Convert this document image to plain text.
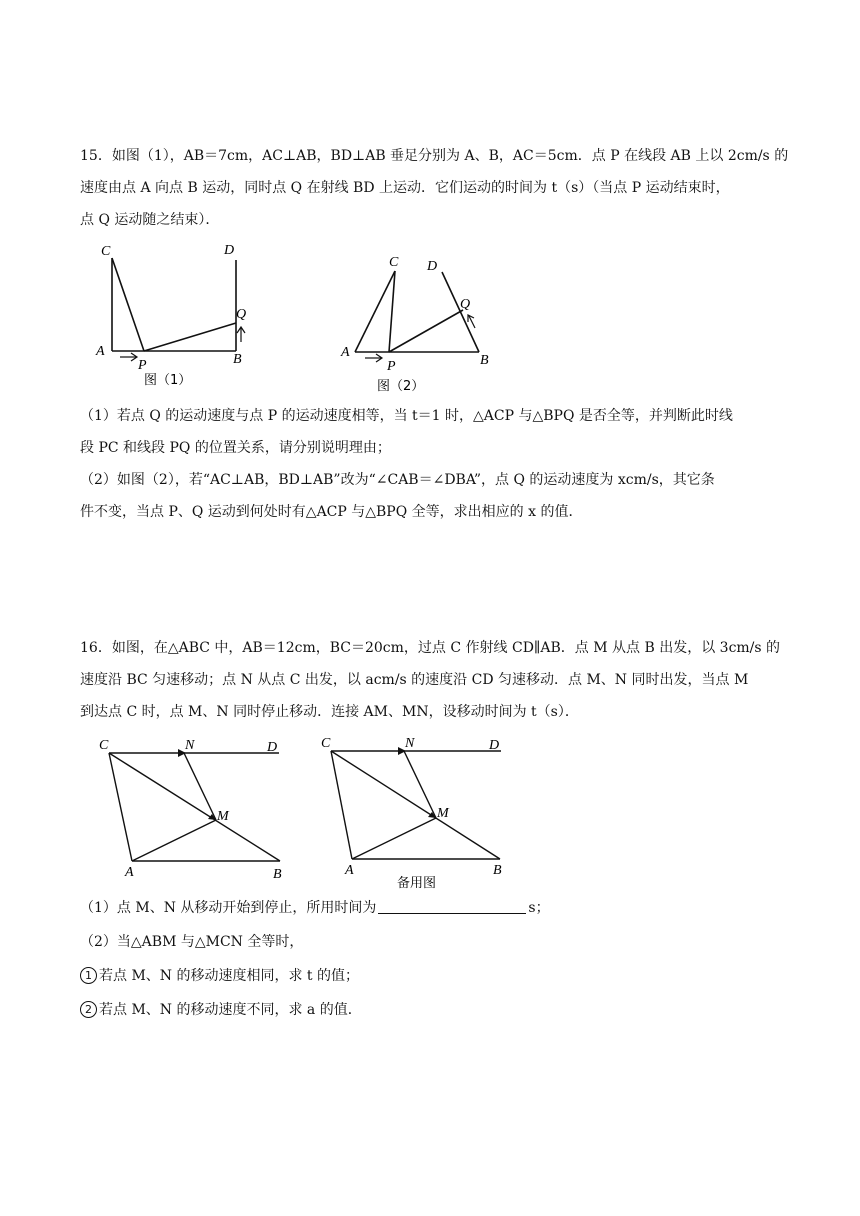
15．如图（1），AB＝7cm，AC⊥AB，BD⊥AB 垂足分别为 A、B，AC＝5cm．点 P 在线段 AB 上以 2cm/s 的
速度由点 A 向点 B 运动，同时点 Q 在射线 BD 上运动．它们运动的时间为 t（s）（当点 P 运动结束时，
点 Q 运动随之结束）．
C	D
Q
A
P	B
图（1）
C D
Q
A
P	B
图（2）
（1）若点 Q 的运动速度与点 P 的运动速度相等，当 t＝1 时，△ACP 与△BPQ 是否全等，并判断此时线
段 PC 和线段 PQ 的位置关系，请分别说明理由；
（2）如图（2），若“AC⊥AB，BD⊥AB”改为“∠CAB＝∠DBA”，点 Q 的运动速度为 xcm/s，其它条
件不变，当点 P、Q 运动到何处时有△ACP 与△BPQ 全等，求出相应的 x 的值．
16．如图，在△ABC 中，AB＝12cm，BC＝20cm，过点 C 作射线 CD∥AB．点 M 从点 B 出发，以 3cm/s 的
速度沿 BC 匀速移动；点 N 从点 C 出发，以 acm/s 的速度沿 CD 匀速移动．点 M、N 同时出发，当点 M
到达点 C 时，点 M、N 同时停止移动．连接 AM、MN，设移动时间为 t（s）．
C	N	D
M
A	B
C	N	D
M
A	B
备用图
（1）点 M、N 从移动开始到停止，所用时间为	s；
（2）当△ABM 与△MCN 全等时，
1 若点 M、N 的移动速度相同，求 t 的值；
2 若点 M、N 的移动速度不同，求 a 的值．
